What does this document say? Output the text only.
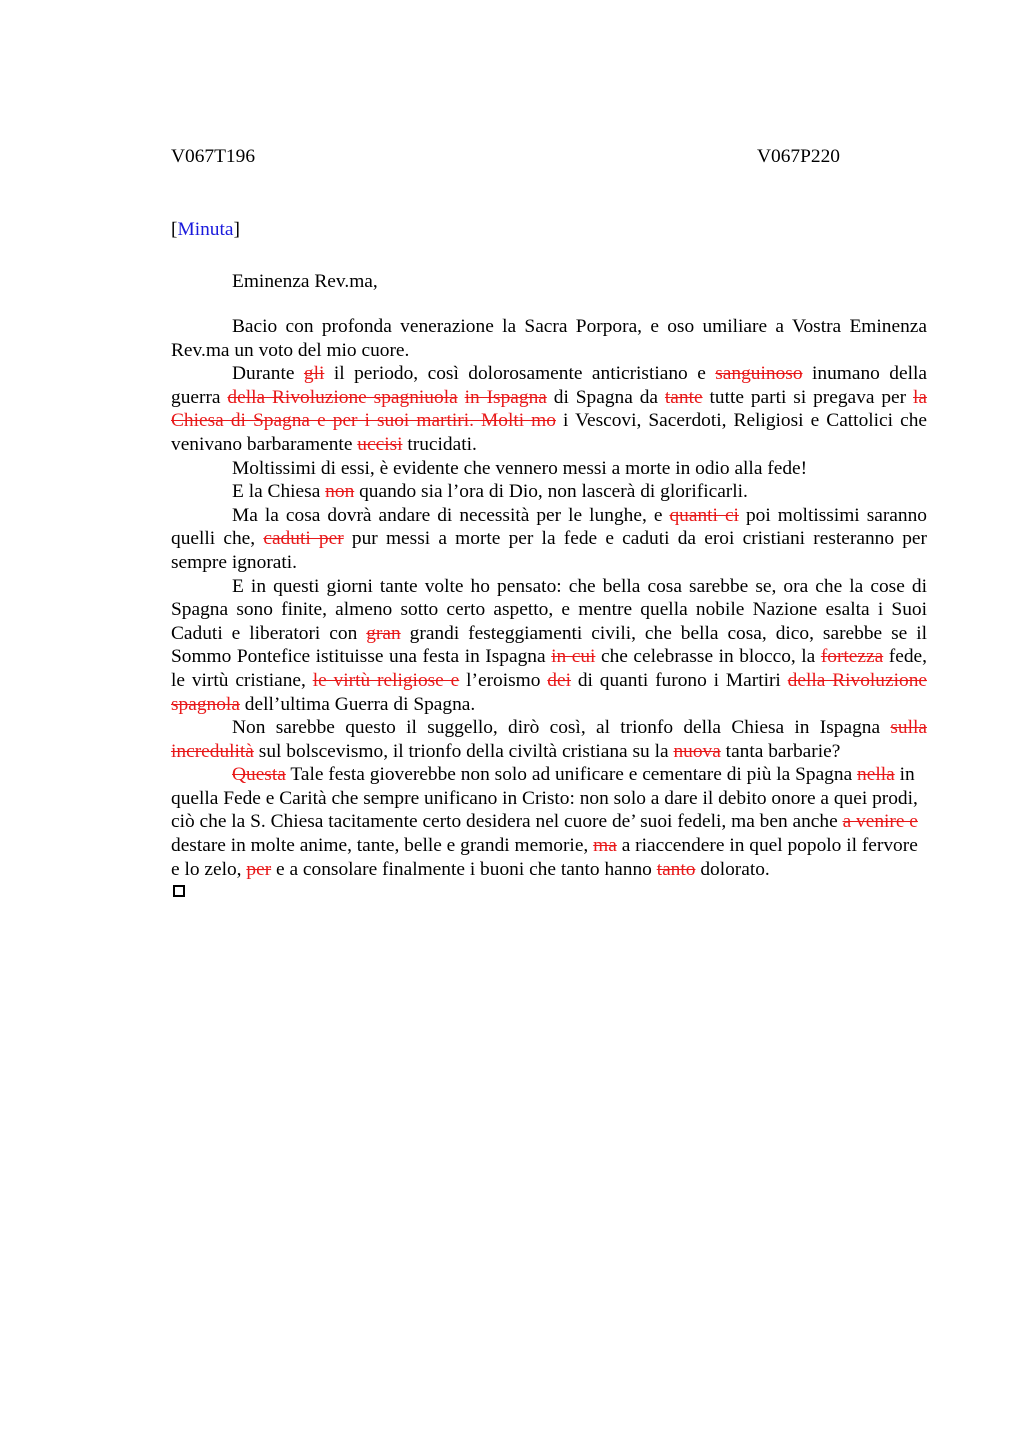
V067T196	V067P220
[Minuta]
Eminenza Rev.ma,

Bacio con profonda venerazione la Sacra Porpora, e oso umiliare a Vostra Eminenza Rev.ma un voto del mio cuore.

Durante gli il periodo, così dolorosamente anticristiano e sanguinoso inumano della guerra della Rivoluzione spagniuola in Ispagna di Spagna da tante tutte parti si pregava per la Chiesa di Spagna e per i suoi martiri. Molti mo i Vescovi, Sacerdoti, Religiosi e Cattolici che venivano barbaramente uccisi trucidati.

Moltissimi di essi, è evidente che vennero messi a morte in odio alla fede!

E la Chiesa non quando sia l’ora di Dio, non lascerà di glorificarli.

Ma la cosa dovrà andare di necessità per le lunghe, e quanti ci poi moltissimi saranno quelli che, caduti per pur messi a morte per la fede e caduti da eroi cristiani resteranno per sempre ignorati.

E in questi giorni tante volte ho pensato: che bella cosa sarebbe se, ora che la cose di Spagna sono finite, almeno sotto certo aspetto, e mentre quella nobile Nazione esalta i Suoi Caduti e liberatori con gran grandi festeggiamenti civili, che bella cosa, dico, sarebbe se il Sommo Pontefice istituisse una festa in Ispagna in cui che celebrasse in blocco, la fortezza fede, le virtù cristiane, le virtù religiose e l’eroismo dei di quanti furono i Martiri della Rivoluzione spagnola dell’ultima Guerra di Spagna.

Non sarebbe questo il suggello, dirò così, al trionfo della Chiesa in Ispagna sulla incredulità sul bolscevismo, il trionfo della civiltà cristiana su la nuova tanta barbarie?

Questa Tale festa gioverebbe non solo ad unificare e cementare di più la Spagna nella in quella Fede e Carità che sempre unificano in Cristo: non solo a dare il debito onore a quei prodi, ciò che la S. Chiesa tacitamente certo desidera nel cuore de’ suoi fedeli, ma ben anche a venire e destare in molte anime, tante, belle e grandi memorie, ma a riaccendere in quel popolo il fervore e lo zelo, per e a consolare finalmente i buoni che tanto hanno tanto dolorato.
